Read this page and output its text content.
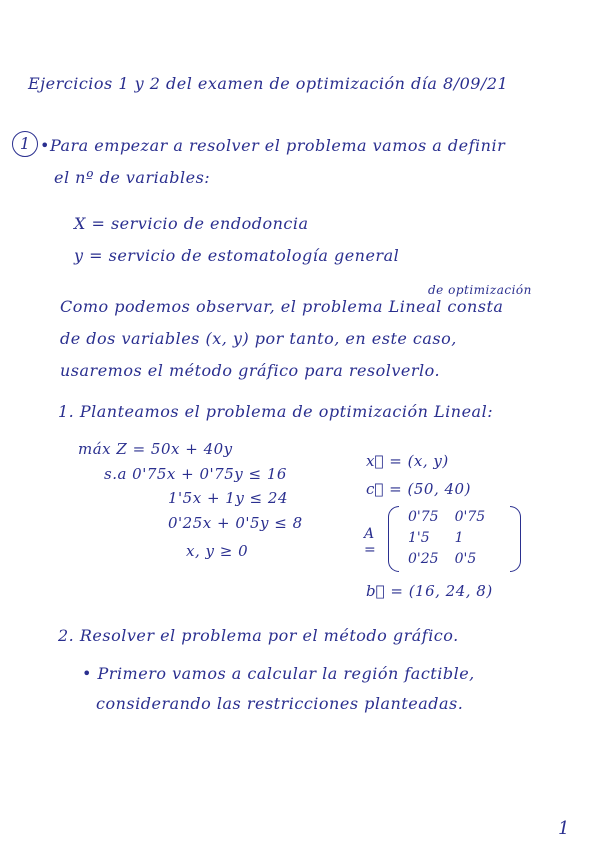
Ejercicios 1 y 2 del examen de optimización día 8/09/21
1 •Para empezar a resolver el problema vamos a definir
el nº de variables:
X = servicio de endodoncia
y = servicio de estomatología general
de optimización
Como podemos observar, el problema Lineal consta
de dos variables (x, y) por tanto, en este caso,
usaremos el método gráfico para resolverlo.
1. Planteamos el problema de optimización Lineal:
máx Z = 50x + 40y
s.a 0'75x + 0'75y ≤ 16
1'5x + 1y ≤ 24
0'25x + 0'5y ≤ 8
x, y ≥ 0
x⃗ = (x, y)
c⃗ = (50, 40)
A =
0'75	0'75
1'5	1
0'25	0'5
b⃗ = (16, 24, 8)
2. Resolver el problema por el método gráfico.
• Primero vamos a calcular la región factible,
considerando las restricciones planteadas.
1
